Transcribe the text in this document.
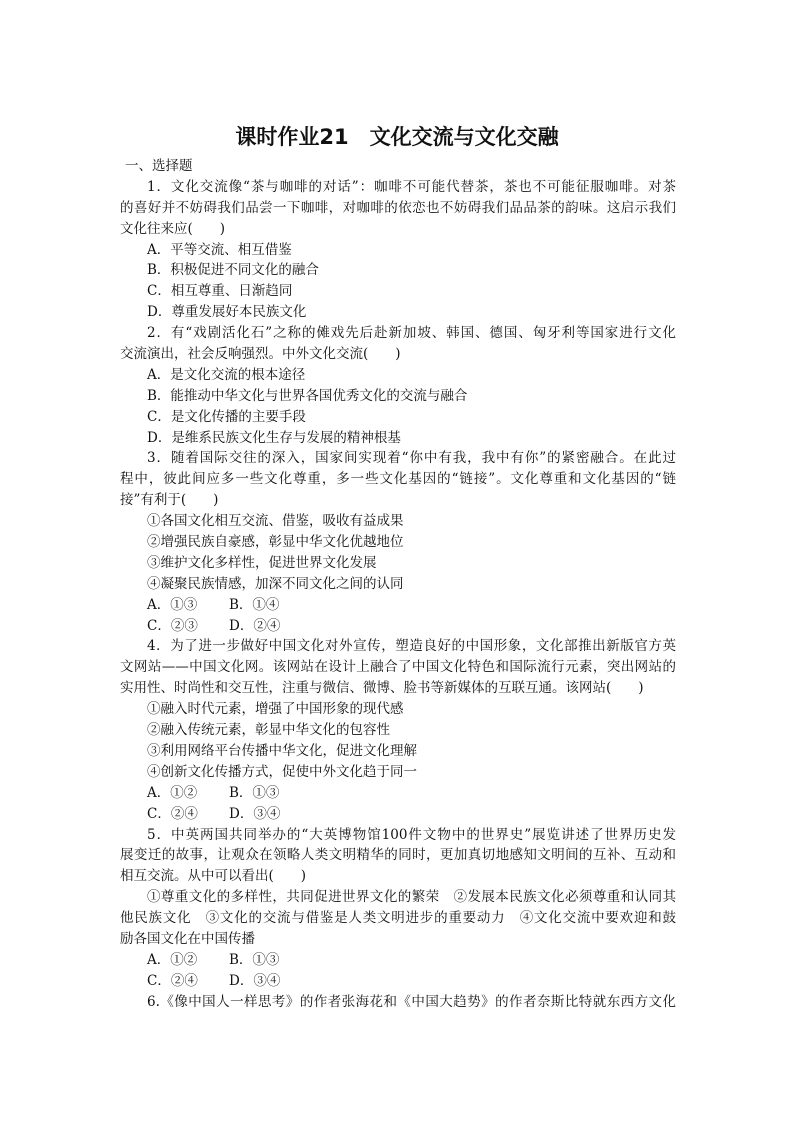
课时作业21　文化交流与文化交融
一、选择题
1．文化交流像“茶与咖啡的对话”：咖啡不可能代替茶，茶也不可能征服咖啡。对茶
的喜好并不妨碍我们品尝一下咖啡，对咖啡的依恋也不妨碍我们品品茶的韵味。这启示我们
文化往来应(　　)
A．平等交流、相互借鉴
B．积极促进不同文化的融合
C．相互尊重、日渐趋同
D．尊重发展好本民族文化
2．有“戏剧活化石”之称的傩戏先后赴新加坡、韩国、德国、匈牙利等国家进行文化
交流演出，社会反响强烈。中外文化交流(　　)
A．是文化交流的根本途径
B．能推动中华文化与世界各国优秀文化的交流与融合
C．是文化传播的主要手段
D．是维系民族文化生存与发展的精神根基
3．随着国际交往的深入，国家间实现着“你中有我，我中有你”的紧密融合。在此过
程中，彼此间应多一些文化尊重，多一些文化基因的“链接”。文化尊重和文化基因的“链
接”有利于(　　)
①各国文化相互交流、借鉴，吸收有益成果
②增强民族自豪感，彰显中华文化优越地位
③维护文化多样性，促进世界文化发展
④凝聚民族情感，加深不同文化之间的认同
A．①③ B．①④
C．②③ D．②④
4．为了进一步做好中国文化对外宣传，塑造良好的中国形象，文化部推出新版官方英
文网站——中国文化网。该网站在设计上融合了中国文化特色和国际流行元素，突出网站的
实用性、时尚性和交互性，注重与微信、微博、脸书等新媒体的互联互通。该网站(　　)
①融入时代元素，增强了中国形象的现代感
②融入传统元素，彰显中华文化的包容性
③利用网络平台传播中华文化，促进文化理解
④创新文化传播方式，促使中外文化趋于同一
A．①② B．①③
C．②④ D．③④
5．中英两国共同举办的“大英博物馆100件文物中的世界史”展览讲述了世界历史发
展变迁的故事，让观众在领略人类文明精华的同时，更加真切地感知文明间的互补、互动和
相互交流。从中可以看出(　　)
①尊重文化的多样性，共同促进世界文化的繁荣　②发展本民族文化必须尊重和认同其
他民族文化　③文化的交流与借鉴是人类文明进步的重要动力　④文化交流中要欢迎和鼓
励各国文化在中国传播
A．①② B．①③
C．②④ D．③④
6.《像中国人一样思考》的作者张海花和《中国大趋势》的作者奈斯比特就东西方文化
